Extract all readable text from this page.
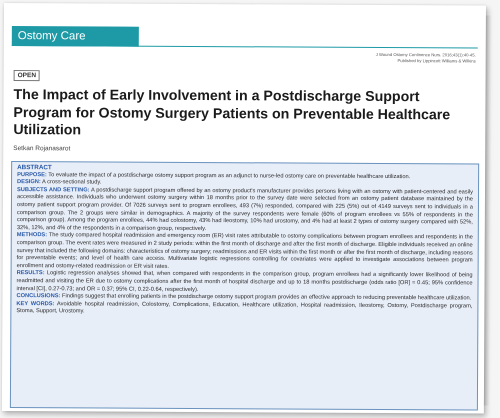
Ostomy Care
J Wound Ostomy Continence Nurs. 2016;43(1):40-45.
Published by Lippincott Williams & Wilkins
OPEN
The Impact of Early Involvement in a Postdischarge Support Program for Ostomy Surgery Patients on Preventable Healthcare Utilization
Setkan Rojanasarot

ABSTRACT

PURPOSE: To evaluate the impact of a postdischarge ostomy support program as an adjunct to nurse-led ostomy care on preventable healthcare utilization.

DESIGN: A cross-sectional study.

SUBJECTS AND SETTING: A postdischarge support program offered by an ostomy product's manufacturer provides persons living with an ostomy with patient-centered and easily accessible assistance. Individuals who underwent ostomy surgery within 18 months prior to the survey date were selected from an ostomy patient database maintained by the ostomy patient support program provider. Of 7026 surveys sent to program enrollees, 493 (7%) responded, compared with 225 (5%) out of 4149 surveys sent to individuals in a comparison group. The 2 groups were similar in demographics. A majority of the survey respondents were female (60% of program enrollees vs 55% of respondents in the comparison group). Among the program enrollees, 44% had colostomy, 43% had ileostomy, 10% had urostomy, and 4% had at least 2 types of ostomy surgery compared with 52%, 32%, 12%, and 4% of the respondents in a comparison group, respectively.

METHODS: The study compared hospital readmission and emergency room (ER) visit rates attributable to ostomy complications between program enrollees and respondents in the comparison group. The event rates were measured in 2 study periods: within the first month of discharge and after the first month of discharge. Eligible individuals received an online survey that included the following domains: characteristics of ostomy surgery; readmissions and ER visits within the first month or after the first month of discharge, including reasons for preventable events; and level of health care access. Multivariate logistic regressions controlling for covariates were applied to investigate associations between program enrollment and ostomy-related readmission or ER visit rates.

RESULTS: Logistic regression analyses showed that, when compared with respondents in the comparison group, program enrollees had a significantly lower likelihood of being readmitted and visiting the ER due to ostomy complications after the first month of hospital discharge and up to 18 months postdischarge (odds ratio [OR] = 0.45; 95% confidence interval [CI], 0.27-0.73; and OR = 0.37; 95% CI, 0.22-0.64, respectively).

CONCLUSIONS: Findings suggest that enrolling patients in the postdischarge ostomy support program provides an effective approach to reducing preventable healthcare utilization.

KEY WORDS: Avoidable hospital readmission, Colostomy, Complications, Education, Healthcare utilization, Hospital readmission, Ileostomy, Ostomy, Postdischarge program, Stoma, Support, Urostomy.
